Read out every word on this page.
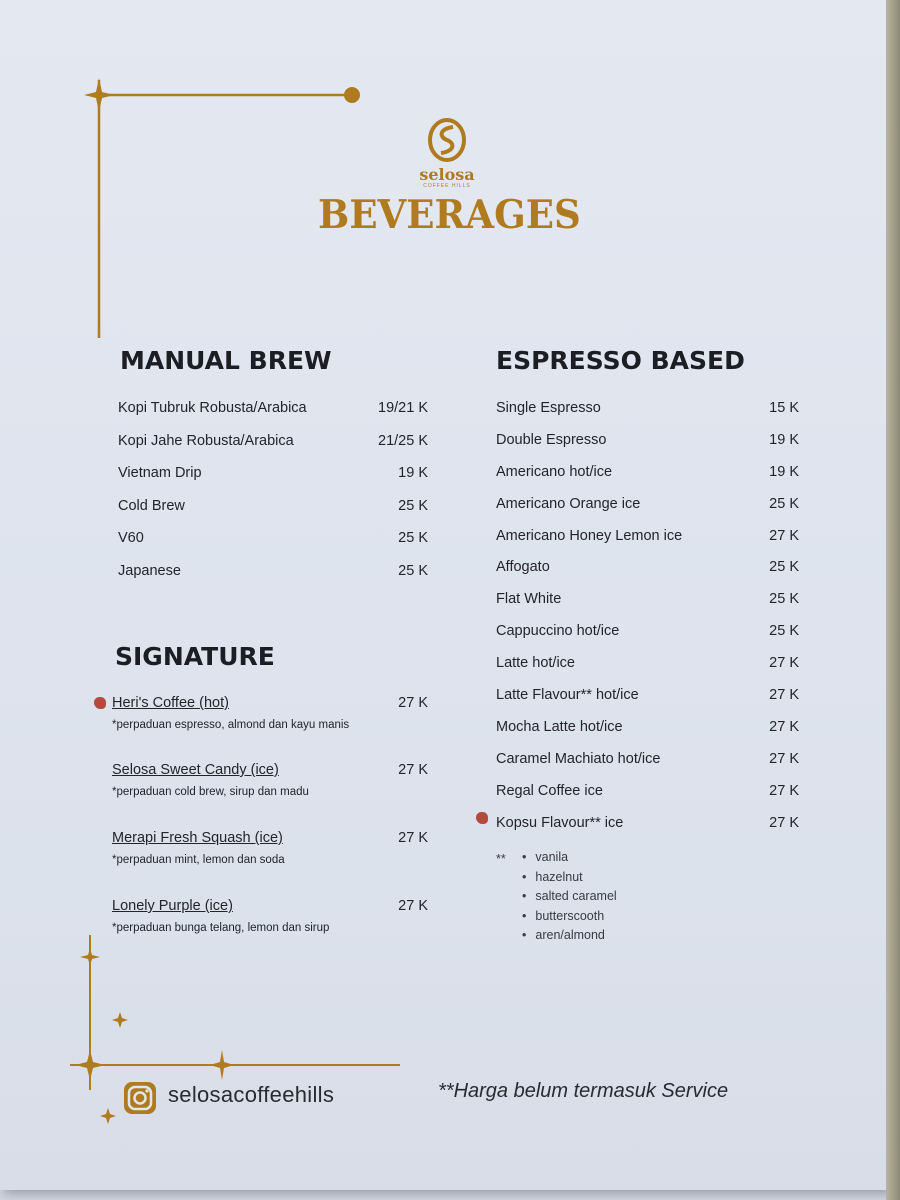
selosa
COFFEE HILLS
BEVERAGES
MANUAL BREW
Kopi Tubruk Robusta/Arabica	19/21 K
Kopi Jahe Robusta/Arabica	21/25 K
Vietnam Drip	19 K
Cold Brew	25 K
V60	25 K
Japanese	25 K
SIGNATURE
Heri's Coffee (hot)	27 K
*perpaduan espresso, almond dan kayu manis
Selosa Sweet Candy (ice)	27 K
*perpaduan cold brew, sirup dan madu
Merapi Fresh Squash (ice)	27 K
*perpaduan mint, lemon dan soda
Lonely Purple (ice)	27 K
*perpaduan bunga telang, lemon dan sirup
ESPRESSO BASED
Single Espresso	15 K
Double Espresso	19 K
Americano hot/ice	19 K
Americano Orange ice	25 K
Americano Honey Lemon ice	27 K
Affogato	25 K
Flat White	25 K
Cappuccino hot/ice	25 K
Latte hot/ice	27 K
Latte Flavour** hot/ice	27 K
Mocha Latte hot/ice	27 K
Caramel Machiato hot/ice	27 K
Regal Coffee ice	27 K
Kopsu Flavour** ice	27 K
**
•	vanila
• hazelnut
• salted caramel
• butterscooth
• aren/almond
selosacoffeehills	**Harga belum termasuk Service
